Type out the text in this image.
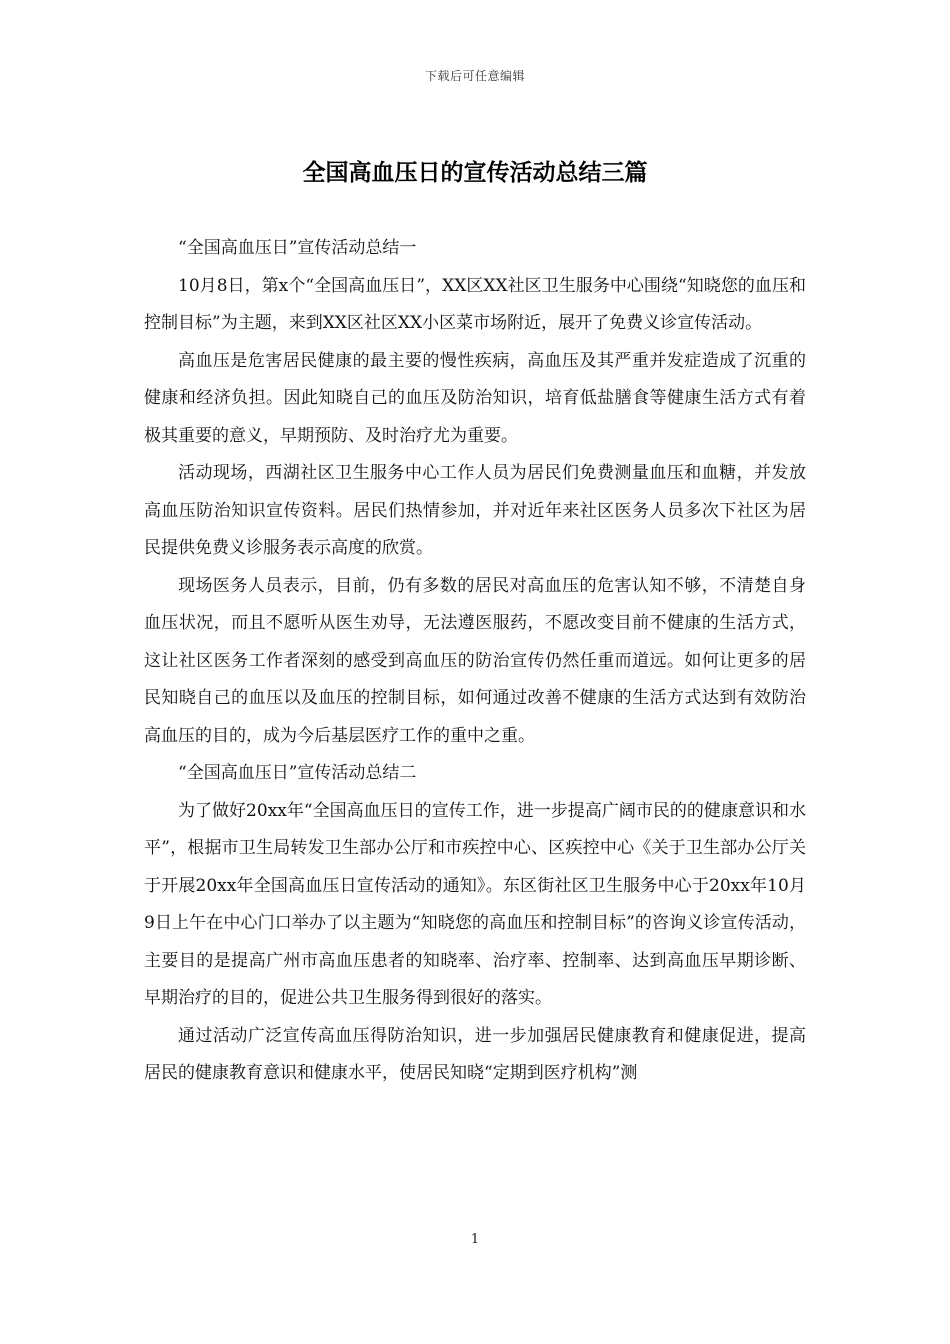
下载后可任意编辑
全国高血压日的宣传活动总结三篇

“全国高血压日”宣传活动总结一

10月8日，第x个“全国高血压日”，XX区XX社区卫生服务中心围绕“知晓您的血压和控制目标”为主题，来到XX区社区XX小区菜市场附近，展开了免费义诊宣传活动。

高血压是危害居民健康的最主要的慢性疾病，高血压及其严重并发症造成了沉重的健康和经济负担。因此知晓自己的血压及防治知识，培育低盐膳食等健康生活方式有着极其重要的意义，早期预防、及时治疗尤为重要。

活动现场，西湖社区卫生服务中心工作人员为居民们免费测量血压和血糖，并发放高血压防治知识宣传资料。居民们热情参加，并对近年来社区医务人员多次下社区为居民提供免费义诊服务表示高度的欣赏。

现场医务人员表示，目前，仍有多数的居民对高血压的危害认知不够，不清楚自身血压状况，而且不愿听从医生劝导，无法遵医服药，不愿改变目前不健康的生活方式，这让社区医务工作者深刻的感受到高血压的防治宣传仍然任重而道远。如何让更多的居民知晓自己的血压以及血压的控制目标，如何通过改善不健康的生活方式达到有效防治高血压的目的，成为今后基层医疗工作的重中之重。

“全国高血压日”宣传活动总结二

为了做好20xx年“全国高血压日的宣传工作，进一步提高广阔市民的的健康意识和水平”，根据市卫生局转发卫生部办公厅和市疾控中心、区疾控中心《关于卫生部办公厅关于开展20xx年全国高血压日宣传活动的通知》。东区街社区卫生服务中心于20xx年10月9日上午在中心门口举办了以主题为“知晓您的高血压和控制目标”的咨询义诊宣传活动，主要目的是提高广州市高血压患者的知晓率、治疗率、控制率、达到高血压早期诊断、早期治疗的目的，促进公共卫生服务得到很好的落实。

通过活动广泛宣传高血压得防治知识，进一步加强居民健康教育和健康促进，提高居民的健康教育意识和健康水平，使居民知晓“定期到医疗机构”测

1
